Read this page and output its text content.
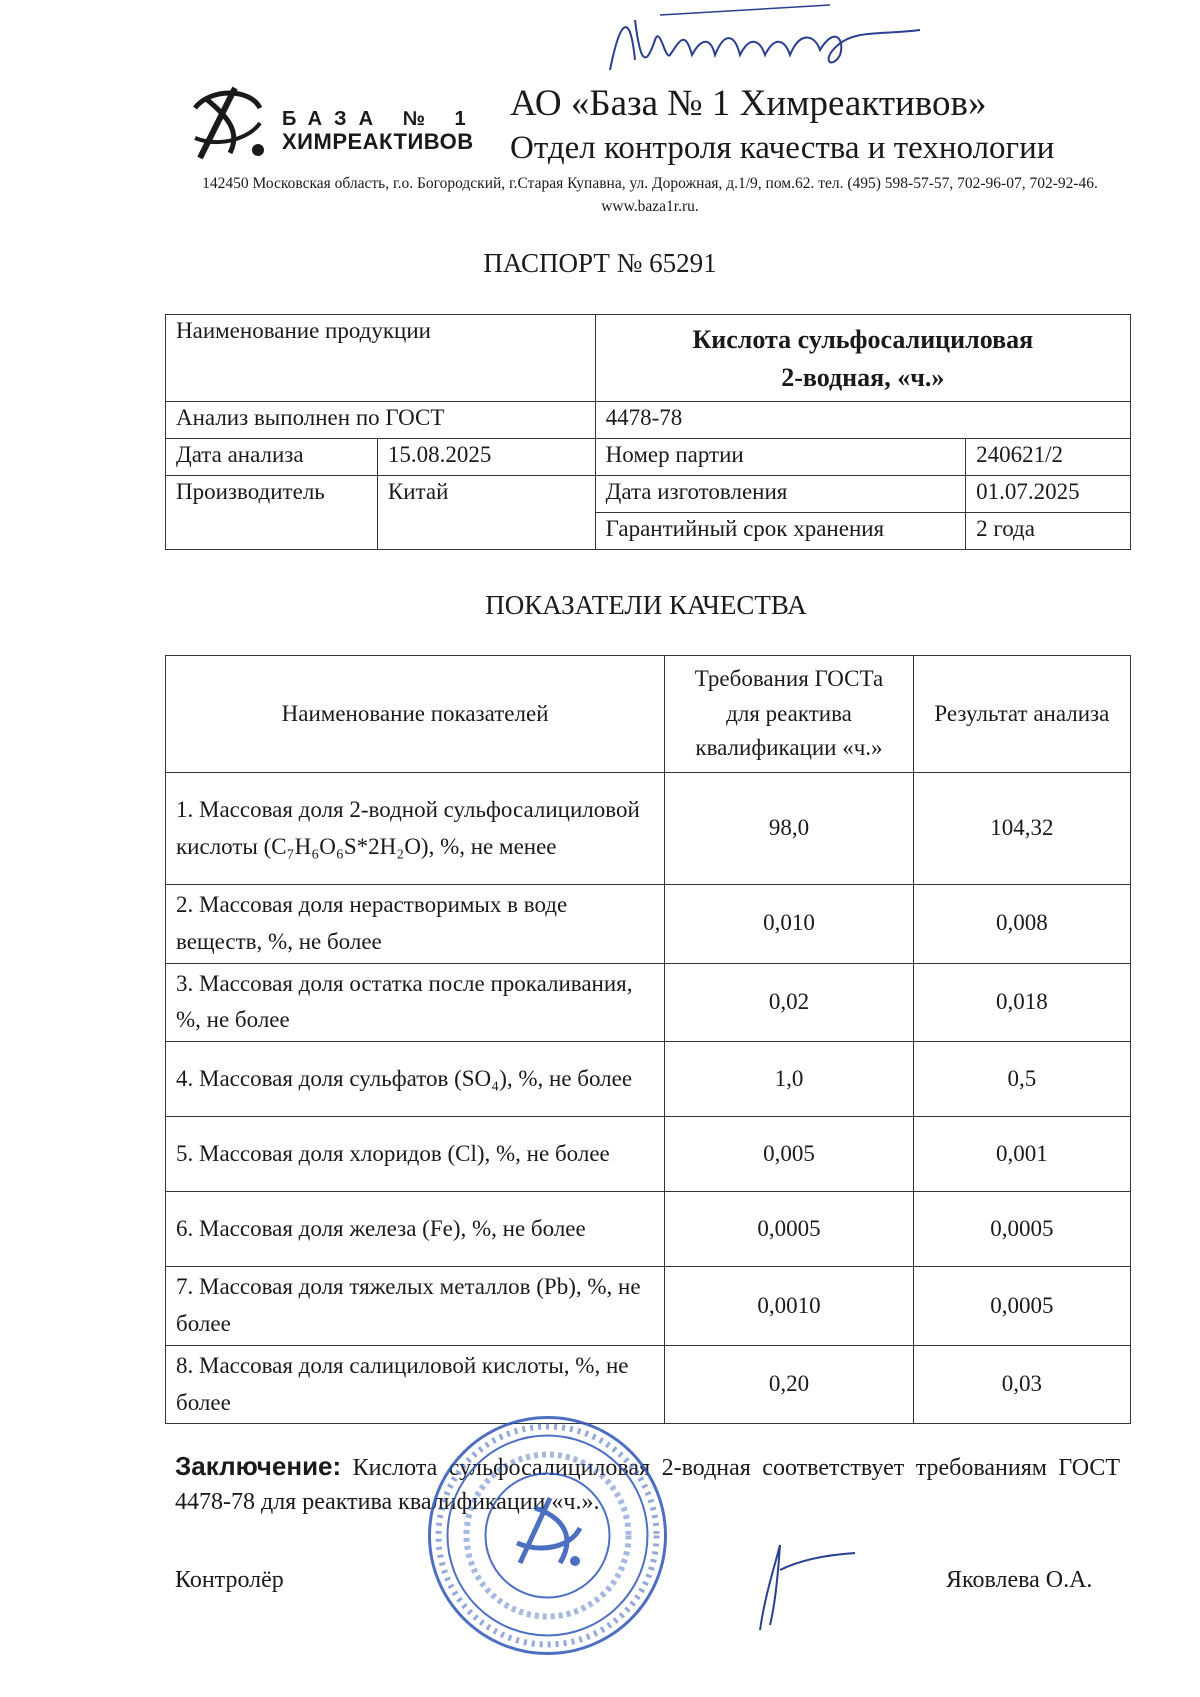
БАЗА № 1
ХИМРЕАКТИВОВ
АО «База № 1 Химреактивов»
Отдел контроля качества и технологии
142450 Московская область, г.о. Богородский, г.Старая Купавна, ул. Дорожная, д.1/9, пом.62. тел. (495) 598-57-57, 702-96-07, 702-92-46. www.baza1r.ru.
ПАСПОРТ № 65291
Наименование продукции		Кислота сульфосалициловая
2-водная, «ч.»	

Анализ выполнен по ГОСТ		4478-78	
Дата анализа	15.08.2025	Номер партии	240621/2
Производитель	Китай	Дата изготовления	01.07.2025
		Гарантийный срок хранения	2 года
ПОКАЗАТЕЛИ КАЧЕСТВА
Наименование показателей	Требования ГОСТа для реактива квалификации «ч.»	Результат анализа
1. Массовая доля 2-водной сульфосалициловой кислоты (C₇H₆O₆S*2H₂O), %, не менее	98,0	104,32
2. Массовая доля нерастворимых в воде веществ, %, не более	0,010	0,008
3. Массовая доля остатка после прокаливания, %, не более	0,02	0,018
4. Массовая доля сульфатов (SO₄), %, не более	1,0	0,5
5. Массовая доля хлоридов (Cl), %, не более	0,005	0,001
6. Массовая доля железа (Fe), %, не более	0,0005	0,0005
7. Массовая доля тяжелых металлов (Pb), %, не более	0,0010	0,0005
8. Массовая доля салициловой кислоты, %, не более	0,20	0,03
Заключение: Кислота сульфосалициловая 2-водная соответствует требованиям ГОСТ 4478-78 для реактива квалификации «ч.».
Контролёр	Яковлева О.А.
